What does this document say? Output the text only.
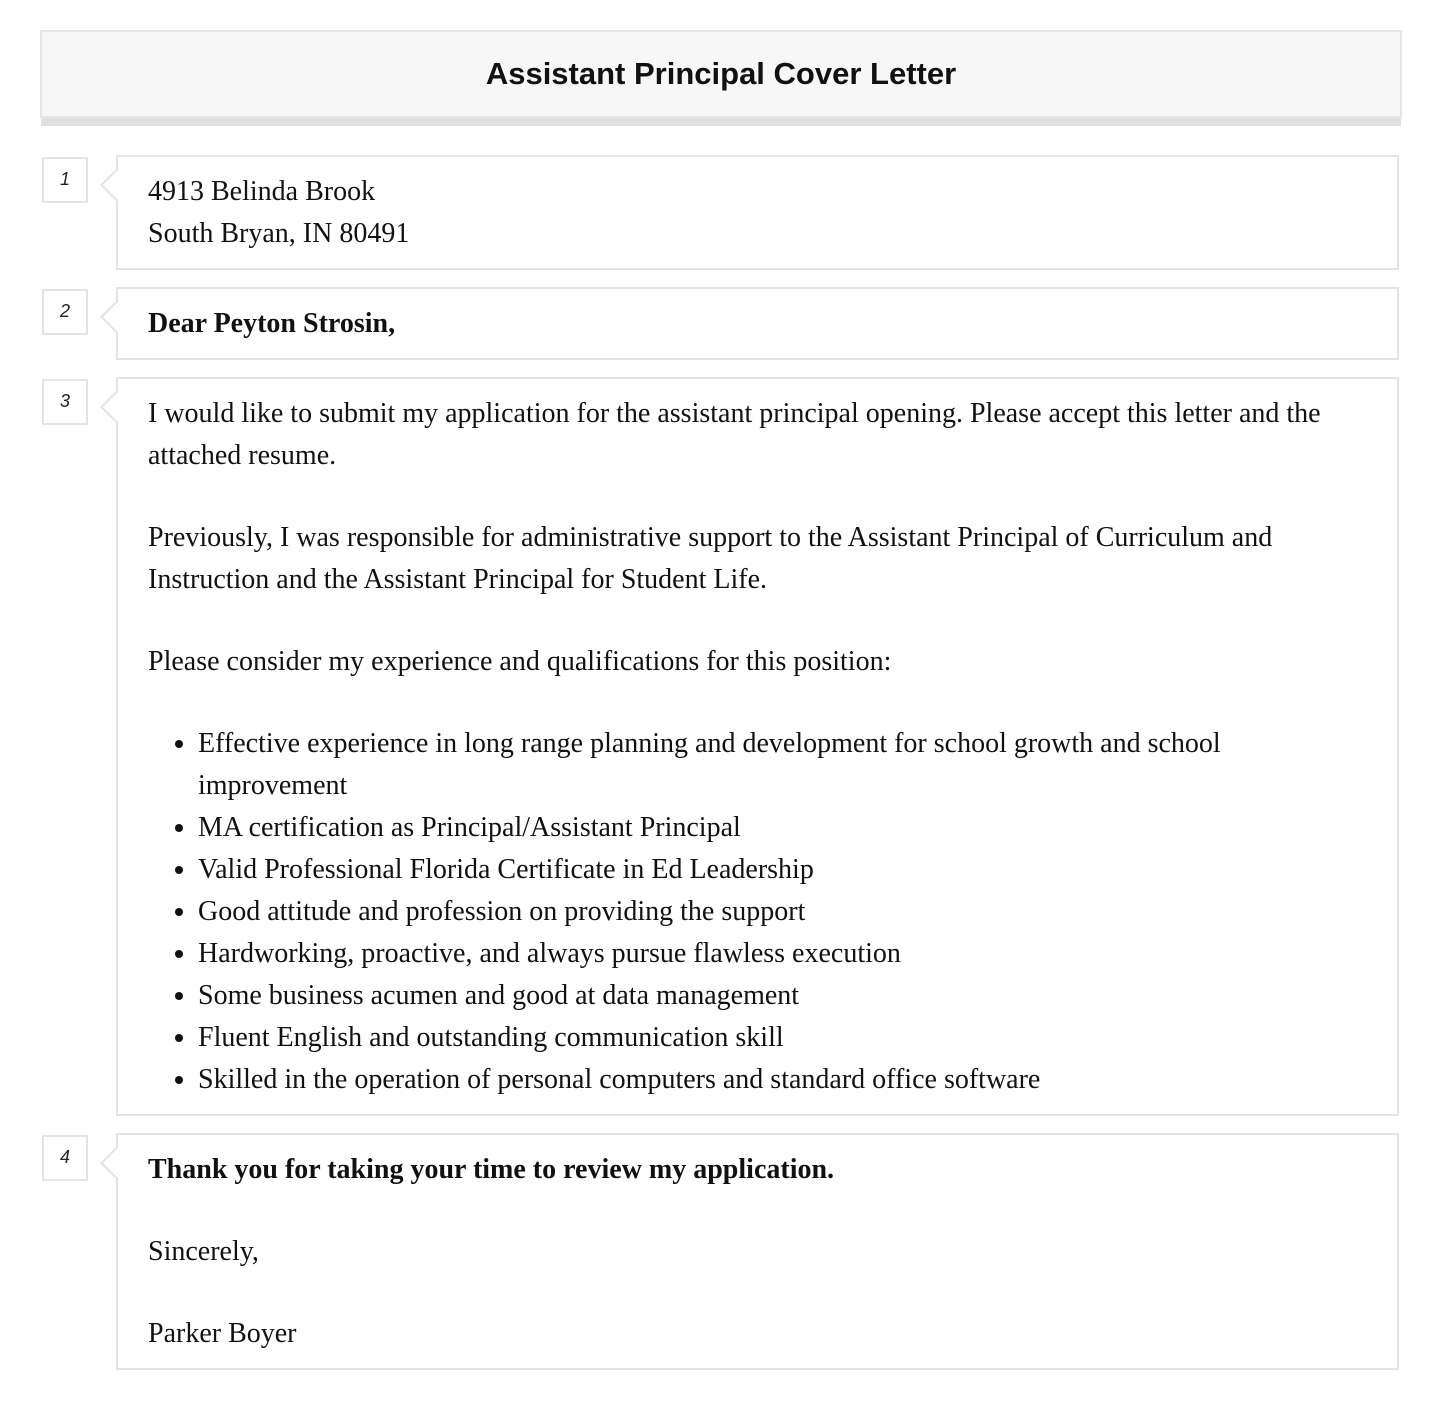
Assistant Principal Cover Letter
1	4913 Belinda Brook

South Bryan, IN 80491

2	Dear Peyton Strosin,

3	I would like to submit my application for the assistant principal opening. Please accept this letter and the attached resume.

Previously, I was responsible for administrative support to the Assistant Principal of Curriculum and Instruction and the Assistant Principal for Student Life.

Please consider my experience and qualifications for this position:

• Effective experience in long range planning and development for school growth and school improvement
• MA certification as Principal/Assistant Principal
• Valid Professional Florida Certificate in Ed Leadership
• Good attitude and profession on providing the support
• Hardworking, proactive, and always pursue flawless execution
• Some business acumen and good at data management
• Fluent English and outstanding communication skill
• Skilled in the operation of personal computers and standard office software
4	Thank you for taking your time to review my application.

Sincerely,

Parker Boyer
